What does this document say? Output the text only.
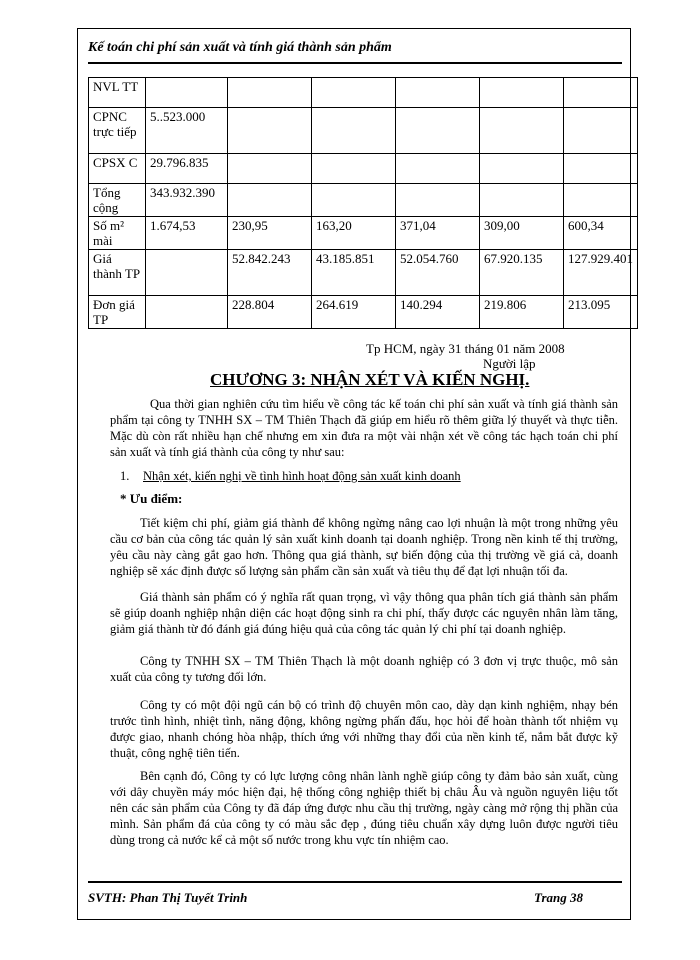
Kế toán chi phí sản xuất và tính giá thành sản phẩm
NVL TT						
CPNC trực tiếp	5..523.000					
CPSX C	29.796.835					
Tổng cộng	343.932.390					
Số m² mài	1.674,53	230,95	163,20	371,04	309,00	600,34
Giá thành TP		52.842.243	43.185.851	52.054.760	67.920.135	127.929.401
Đơn giá TP		228.804	264.619	140.294	219.806	213.095
Tp HCM, ngày 31 tháng 01 năm 2008
Người lập
CHƯƠNG 3: NHẬN XÉT VÀ KIẾN NGHỊ.
Qua thời gian nghiên cứu tìm hiểu về công tác kế toán chi phí sản xuất và tính giá thành sản phẩm tại công ty TNHH SX – TM Thiên Thạch đã giúp em hiểu rõ thêm giữa lý thuyết và thực tiễn. Mặc dù còn rất nhiều hạn chế nhưng em xin đưa ra một vài nhận xét về công tác hạch toán chi phí sản xuất và tính giá thành của công ty như sau:
1. Nhận xét, kiến nghị về tình hình hoạt động sản xuất kinh doanh
* Ưu điểm:
Tiết kiệm chi phí, giảm giá thành để không ngừng nâng cao lợi nhuận là một trong những yêu cầu cơ bản của công tác quản lý sản xuất kinh doanh tại doanh nghiệp. Trong nền kinh tế thị trường, yêu cầu này càng gắt gao hơn. Thông qua giá thành, sự biến động của thị trường về giá cả, doanh nghiệp sẽ xác định được số lượng sản phẩm cần sản xuất và tiêu thụ để đạt lợi nhuận tối đa.
Giá thành sản phẩm có ý nghĩa rất quan trọng, vì vậy thông qua phân tích giá thành sản phẩm sẽ giúp doanh nghiệp nhận diện các hoạt động sinh ra chi phí, thấy được các nguyên nhân làm tăng, giảm giá thành từ đó đánh giá đúng hiệu quả của công tác quản lý chi phí tại doanh nghiệp.
Công ty TNHH SX – TM Thiên Thạch là một doanh nghiệp có 3 đơn vị trực thuộc, mô sản xuất của công ty tương đối lớn.
Công ty có một đội ngũ cán bộ có trình độ chuyên môn cao, dày dạn kinh nghiệm, nhạy bén trước tình hình, nhiệt tình, năng động, không ngừng phấn đấu, học hỏi để hoàn thành tốt nhiệm vụ được giao, nhanh chóng hòa nhập, thích ứng với những thay đổi của nền kinh tế, nắm bắt được kỹ thuật, công nghệ tiên tiến.
Bên cạnh đó, Công ty có lực lượng công nhân lành nghề giúp công ty đảm bảo sản xuất, cùng với dây chuyền máy móc hiện đại, hệ thống công nghiệp thiết bị châu Âu và nguồn nguyên liệu tốt nên các sản phẩm của Công ty đã đáp ứng được nhu cầu thị trường, ngày càng mở rộng thị phần của mình. Sản phẩm đá của công ty có màu sắc đẹp , đúng tiêu chuẩn xây dựng luôn được người tiêu dùng trong cả nước kể cả một số nước trong khu vực tín nhiệm cao.
SVTH: Phan Thị Tuyết Trinh	Trang 38
